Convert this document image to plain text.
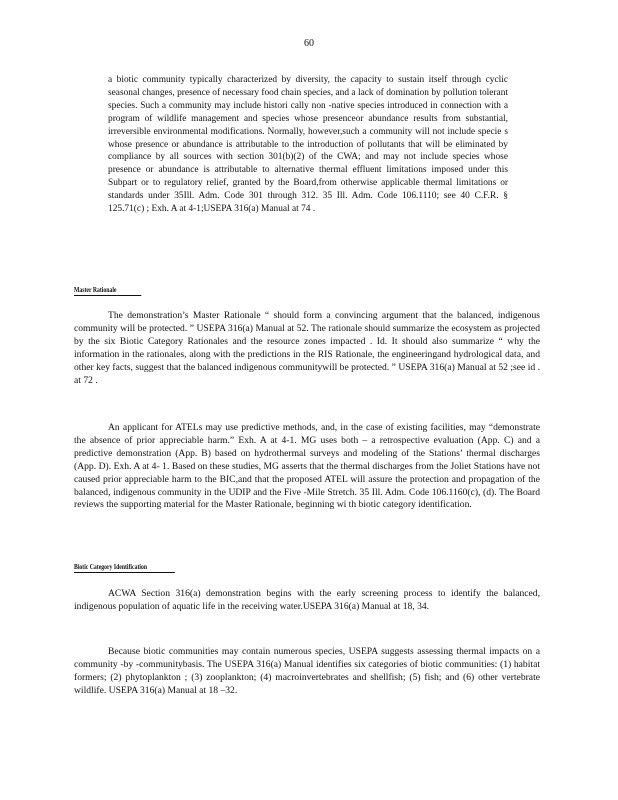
60
a biotic community typically characterized by diversity, the capacity to sustain itself through cyclic seasonal changes, presence of necessary food chain species, and a lack of domination by pollution tolerant species. Such a community may include histori cally non -native species introduced in connection with a program of wildlife management and species whose presenceor abundance results from substantial, irreversible environmental modifications. Normally, however,such a community will not include specie s whose presence or abundance is attributable to the introduction of pollutants that will be eliminated by compliance by all sources with section 301(b)(2) of the CWA; and may not include species whose presence or abundance is attributable to alternative thermal effluent limitations imposed under this Subpart or to regulatory relief, granted by the Board,from otherwise applicable thermal limitations or standards under 35Ill. Adm. Code 301 through 312. 35 Ill. Adm. Code 106.1110; see 40 C.F.R. § 125.71(c) ; Exh. A at 4-1;USEPA 316(a) Manual at 74 .
Master Rationale

The demonstration’s Master Rationale “ should form a convincing argument that the balanced, indigenous community will be protected. ” USEPA 316(a) Manual at 52. The rationale should summarize the ecosystem as projected by the six Biotic Category Rationales and the resource zones impacted . Id. It should also summarize “ why the information in the rationales, along with the predictions in the RIS Rationale, the engineeringand hydrological data, and other key facts, suggest that the balanced indigenous communitywill be protected. ” USEPA 316(a) Manual at 52 ;see id . at 72 .

An applicant for ATELs may use predictive methods, and, in the case of existing facilities, may “demonstrate the absence of prior appreciable harm.” Exh. A at 4-1. MG uses both – a retrospective evaluation (App. C) and a predictive demonstration (App. B) based on hydrothermal surveys and modeling of the Stations’ thermal discharges (App. D). Exh. A at 4- 1. Based on these studies, MG asserts that the thermal discharges from the Joliet Stations have not caused prior appreciable harm to the BIC,and that the proposed ATEL will assure the protection and propagation of the balanced, indigenous community in the UDIP and the Five -Mile Stretch. 35 Ill. Adm. Code 106.1160(c), (d). The Board reviews the supporting material for the Master Rationale, beginning wi th biotic category identification.

Biotic Category Identification

ACWA Section 316(a) demonstration begins with the early screening process to identify the balanced, indigenous population of aquatic life in the receiving water.USEPA 316(a) Manual at 18, 34.

Because biotic communities may contain numerous species, USEPA suggests assessing thermal impacts on a community -by -communitybasis. The USEPA 316(a) Manual identifies six categories of biotic communities: (1) habitat formers; (2) phytoplankton ; (3) zooplankton; (4) macroinvertebrates and shellfish; (5) fish; and (6) other vertebrate wildlife. USEPA 316(a) Manual at 18 –32.
